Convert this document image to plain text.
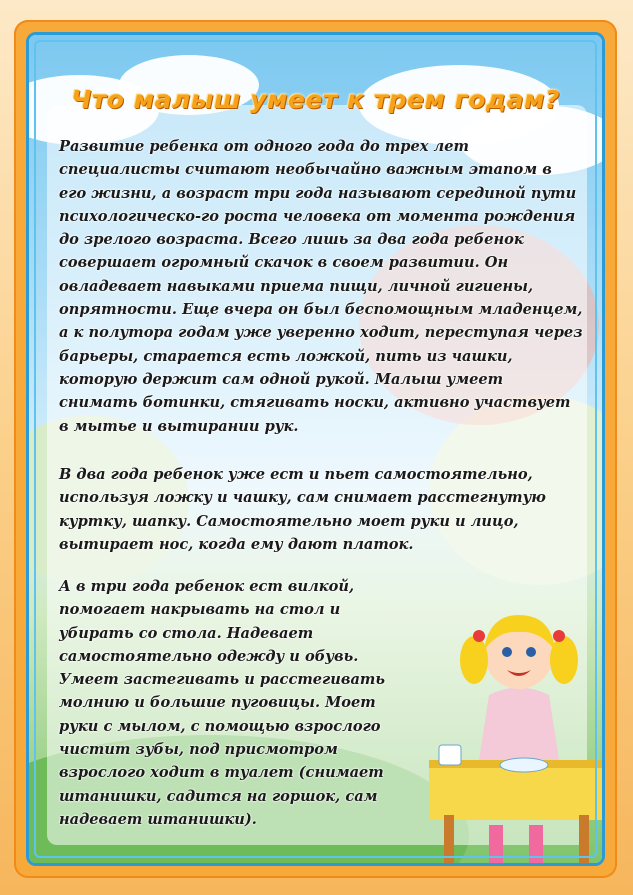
Что малыш умеет к трем годам?

Развитие ребенка от одного года до трех лет специалисты считают необычайно важным этапом в его жизни, а возраст три года называют серединой пути психологическо-го роста человека от момента рождения до зрелого возраста. Всего лишь за два года ребенок совершает огромный скачок в своем развитии. Он овладевает навыками приема пищи, личной гигиены, опрятности. Еще вчера он был беспомощным младенцем, а к полутора годам уже уверенно ходит, переступая через барьеры, старается есть ложкой, пить из чашки, которую держит сам одной рукой. Малыш умеет снимать ботинки, стягивать носки, активно участвует в мытье и вытирании рук.

В два года ребенок уже ест и пьет самостоятельно, используя ложку и чашку, сам снимает расстегнутую куртку, шапку. Самостоятельно моет руки и лицо, вытирает нос, когда ему дают платок.

А в три года ребенок ест вилкой, помогает накрывать на стол и убирать со стола. Надевает самостоятельно одежду и обувь. Умеет застегивать и расстегивать молнию и большие пуговицы. Моет руки с мылом, с помощью взрослого чистит зубы, под присмотром взрослого ходит в туалет (снимает штанишки, садится на горшок, сам надевает штанишки).
